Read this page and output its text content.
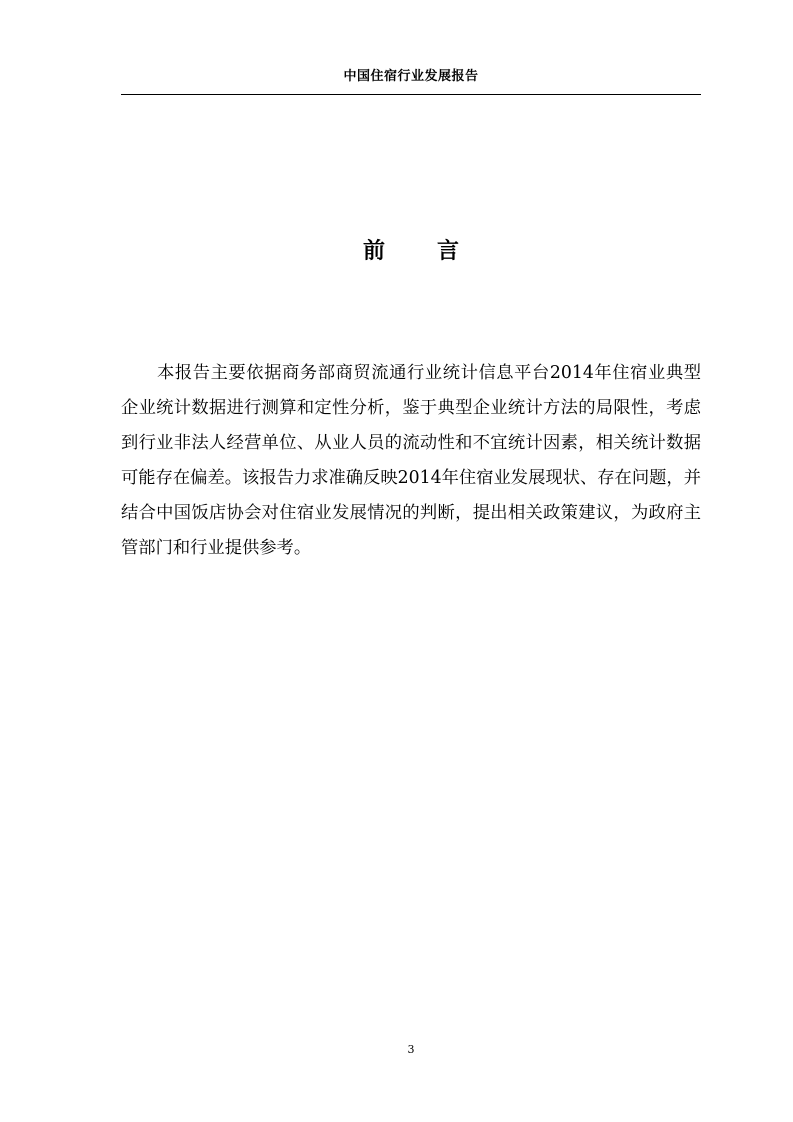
中国住宿行业发展报告
前 言

本报告主要依据商务部商贸流通行业统计信息平台2014年住宿业典型企业统计数据进行测算和定性分析，鉴于典型企业统计方法的局限性，考虑到行业非法人经营单位、从业人员的流动性和不宜统计因素，相关统计数据可能存在偏差。该报告力求准确反映2014年住宿业发展现状、存在问题，并结合中国饭店协会对住宿业发展情况的判断，提出相关政策建议，为政府主管部门和行业提供参考。

3
